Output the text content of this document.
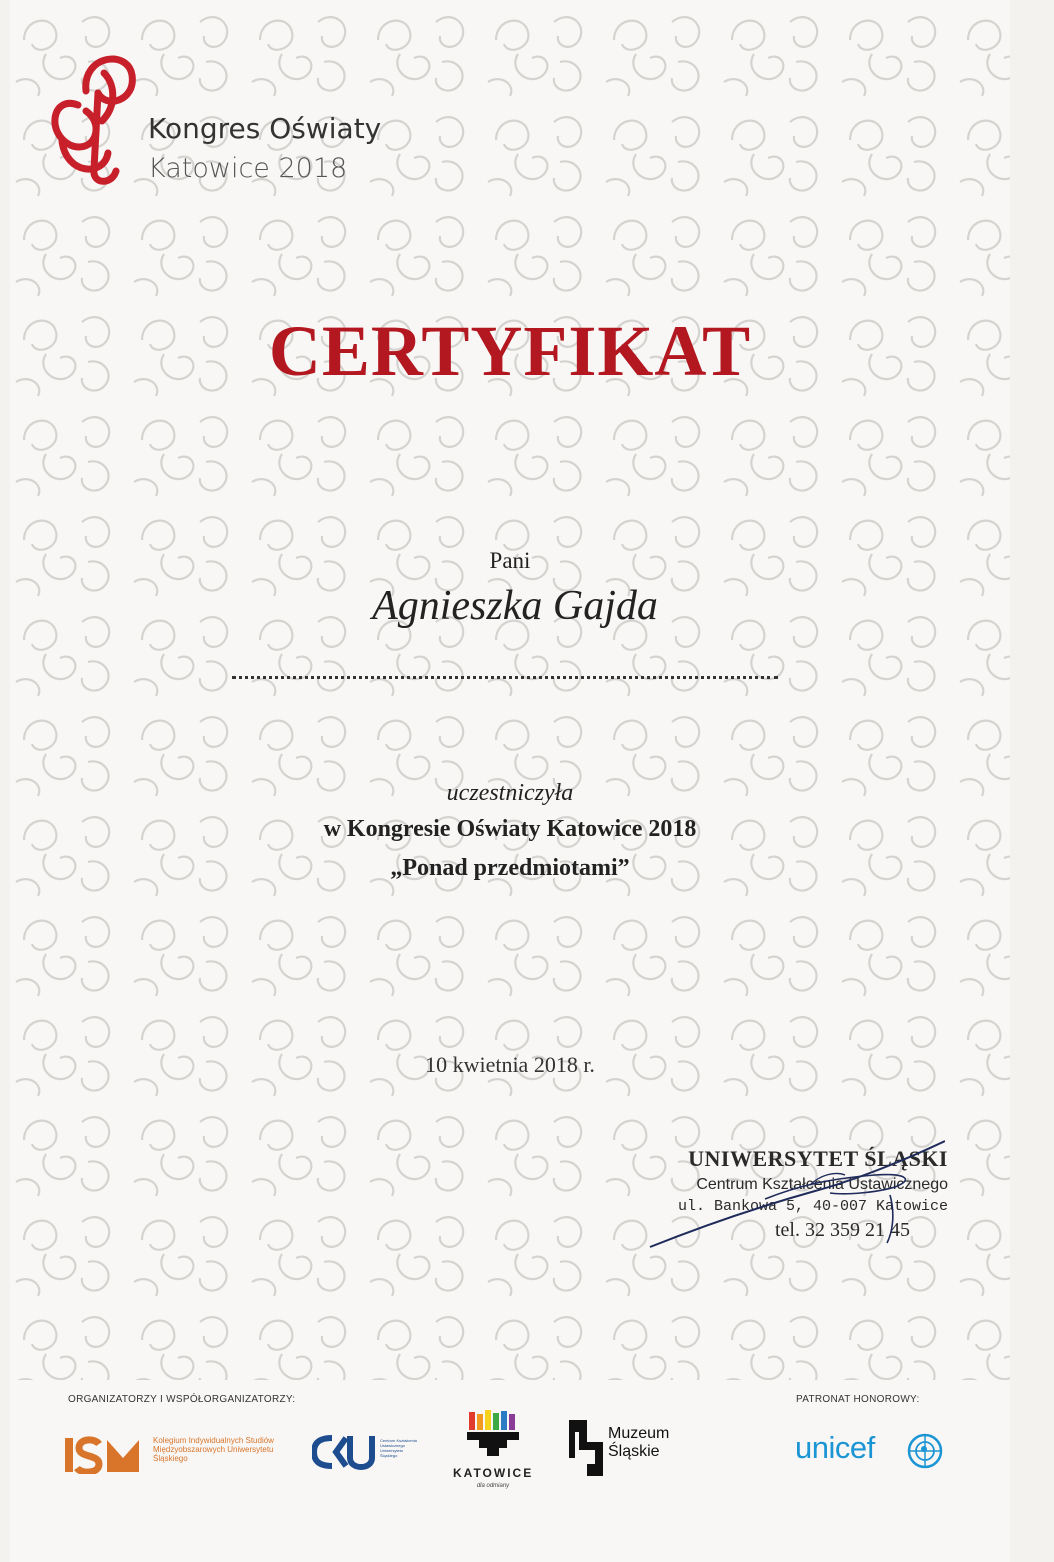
Kongres Oświaty
Katowice 2018
CERTYFIKAT
Pani
Agnieszka Gajda
uczestniczyła
w Kongresie Oświaty Katowice 2018
„Ponad przedmiotami”
10 kwietnia 2018 r.
UNIWERSYTET ŚLĄSKI
Centrum Kształcenia Ustawicznego
ul. Bankowa 5, 40-007 Katowice
tel. 32 359 21 45
ORGANIZATORZY I WSPÓŁORGANIZATORZY:	PATRONAT HONOROWY:
Kolegium Indywidualnych Studiów Międzyobszarowych Uniwersytetu Śląskiego
Centrum Kształcenia Ustawicznego Uniwersytetu Śląskiego
KATOWICE
dla odmiany
Muzeum
Śląskie	unicef
